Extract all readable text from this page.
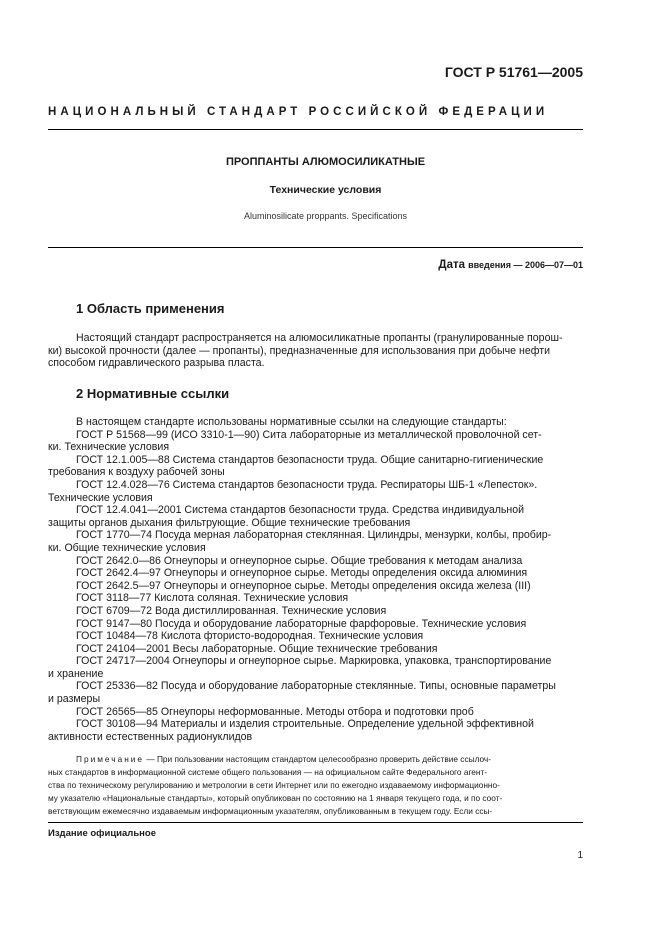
ГОСТ Р 51761—2005
НАЦИОНАЛЬНЫЙ СТАНДАРТ РОССИЙСКОЙ ФЕДЕРАЦИИ
ПРОППАНТЫ АЛЮМОСИЛИКАТНЫЕ
Технические условия
Aluminosilicate proppants. Specifications
Дата введения — 2006—07—01
1 Область применения
Настоящий стандарт распространяется на алюмосиликатные пропанты (гранулированные порош-
ки) высокой прочности (далее — пропанты), предназначенные для использования при добыче нефти
способом гидравлического разрыва пласта.
2 Нормативные ссылки
В настоящем стандарте использованы нормативные ссылки на следующие стандарты:
ГОСТ Р 51568—99 (ИСО 3310-1—90) Сита лабораторные из металлической проволочной сет-
ки. Технические условия
ГОСТ 12.1.005—88 Система стандартов безопасности труда. Общие санитарно-гигиенические
требования к воздуху рабочей зоны
ГОСТ 12.4.028—76 Система стандартов безопасности труда. Респираторы ШБ-1 «Лепесток».
Технические условия
ГОСТ 12.4.041—2001 Система стандартов безопасности труда. Средства индивидуальной
защиты органов дыхания фильтрующие. Общие технические требования
ГОСТ 1770—74 Посуда мерная лабораторная стеклянная. Цилиндры, мензурки, колбы, пробир-
ки. Общие технические условия
ГОСТ 2642.0—86 Огнеупоры и огнеупорное сырье. Общие требования к методам анализа
ГОСТ 2642.4—97 Огнеупоры и огнеупорное сырье. Методы определения оксида алюминия
ГОСТ 2642.5—97 Огнеупоры и огнеупорное сырье. Методы определения оксида железа (III)
ГОСТ 3118—77 Кислота соляная. Технические условия
ГОСТ 6709—72 Вода дистиллированная. Технические условия
ГОСТ 9147—80 Посуда и оборудование лабораторные фарфоровые. Технические условия
ГОСТ 10484—78 Кислота фтористо-водородная. Технические условия
ГОСТ 24104—2001 Весы лабораторные. Общие технические требования
ГОСТ 24717—2004 Огнеупоры и огнеупорное сырье. Маркировка, упаковка, транспортирование
и хранение
ГОСТ 25336—82 Посуда и оборудование лабораторные стеклянные. Типы, основные параметры
и размеры
ГОСТ 26565—85 Огнеупоры неформованные. Методы отбора и подготовки проб
ГОСТ 30108—94 Материалы и изделия строительные. Определение удельной эффективной
активности естественных радионуклидов
Примечание — При пользовании настоящим стандартом целесообразно проверить действие ссылоч-
ных стандартов в информационной системе общего пользования — на официальном сайте Федерального агент-
ства по техническому регулированию и метрологии в сети Интернет или по ежегодно издаваемому информационно-
му указателю «Национальные стандарты», который опубликован по состоянию на 1 января текущего года, и по соот-
ветствующим ежемесячно издаваемым информационным указателям, опубликованным в текущем году. Если ссы-
Издание официальное
1
